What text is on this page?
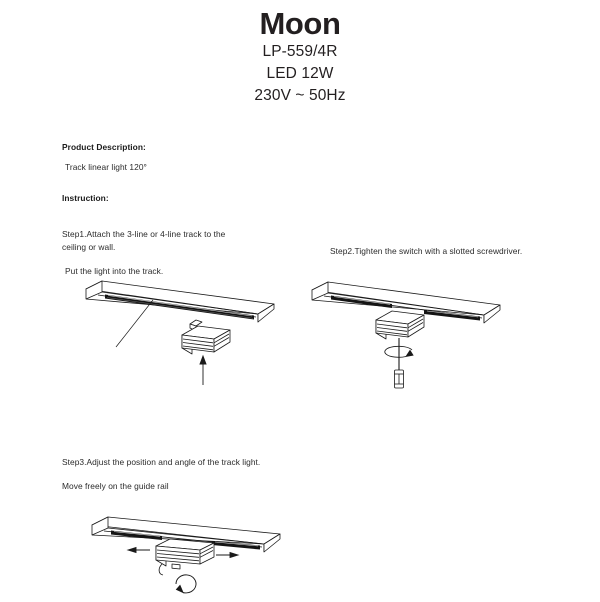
Moon
LP-559/4R
LED 12W
230V ~ 50Hz
Product Description:
Track linear light 120°
Instruction:
Step1.Attach the 3-line or 4-line track to the
ceiling or wall.
Put the light into the track.
Step2.Tighten the switch with a slotted screwdriver.
Step3.Adjust the position and angle of the track light.
Move freely on the guide rail
